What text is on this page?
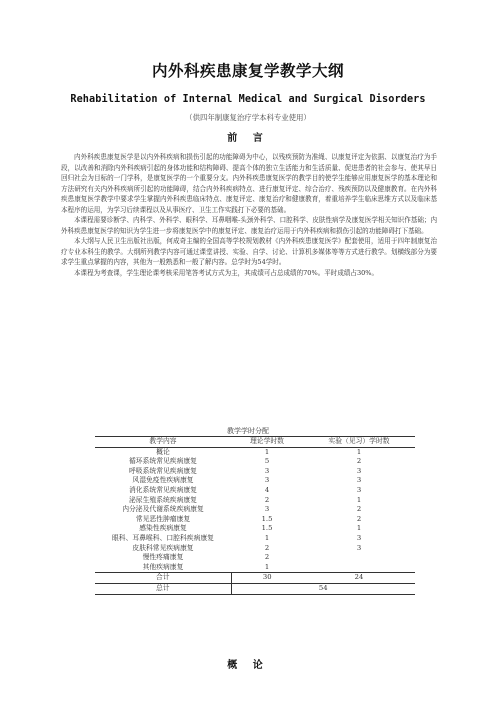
内外科疾患康复学教学大纲
Rehabilitation of Internal Medical and Surgical Disorders
（供四年制康复治疗学本科专业使用）
前 言

内外科疾患康复医学是以内外科疾病和损伤引起的功能障碍为中心，以残疾预防为准绳、以康复评定为依据、以康复治疗为手段，以改善和消除内外科疾病引起的身体功能和结构障碍、提高个体的独立生活能力和生活质量、促进患者的社会参与、使其早日回归社会为目标的一门学科，是康复医学的一个重要分支。内外科疾患康复医学的教学目的使学生能够应用康复医学的基本理论和方法研究有关内外科疾病所引起的功能障碍，结合内外科疾病特点、进行康复评定、综合治疗、残疾预防以及健康教育。在内外科疾患康复医学教学中要求学生掌握内外科疾患临床特点、康复评定、康复治疗和健康教育，着重培养学生临床思维方式以及临床基本程序的运用，为学习后续课程以及从事医疗、卫生工作实践打下必要的基础。

本课程需要诊断学、内科学、外科学、眼科学、耳鼻咽喉-头颈外科学、口腔科学、皮肤性病学及康复医学相关知识作基础；内外科疾患康复医学的知识为学生进一步将康复医学中的康复评定、康复治疗运用于内外科疾病和损伤引起的功能障碍打下基础。

本大纲与人民卫生出版社出版，何成奇主编的全国高等学校规划教材《内外科疾患康复医学》配套使用，适用于四年制康复治疗专业本科生的教学。大纲所列教学内容可通过课堂讲授、实验、自学、讨论、计算机多媒体等等方式进行教学。划横线部分为要求学生重点掌握的内容，其他为一般熟悉和一般了解内容。总学时为54学时。

本课程为考查课，学生理论课考核采用笔答考试方式为主，其成绩可占总成绩的70%。平时成绩占30%。

教学学时分配
教学内容	理论学时数	实验（见习）学时数
概论	1	1
循环系统常见疾病康复	5	2
呼吸系统常见疾病康复	3	3
风湿免疫性疾病康复	3	3
消化系统常见疾病康复	4	3
泌尿生殖系统疾病康复	2	1
内分泌及代谢系统疾病康复	3	2
常见恶性肿瘤康复	1.5	2
感染性疾病康复	1.5	1
眼科、耳鼻喉科、口腔科疾病康复	1	3
皮肤科常见疾病康复	2	3
慢性疼痛康复	2	
其他疾病康复	1	
合计	30	24
总计	54	
概 论
